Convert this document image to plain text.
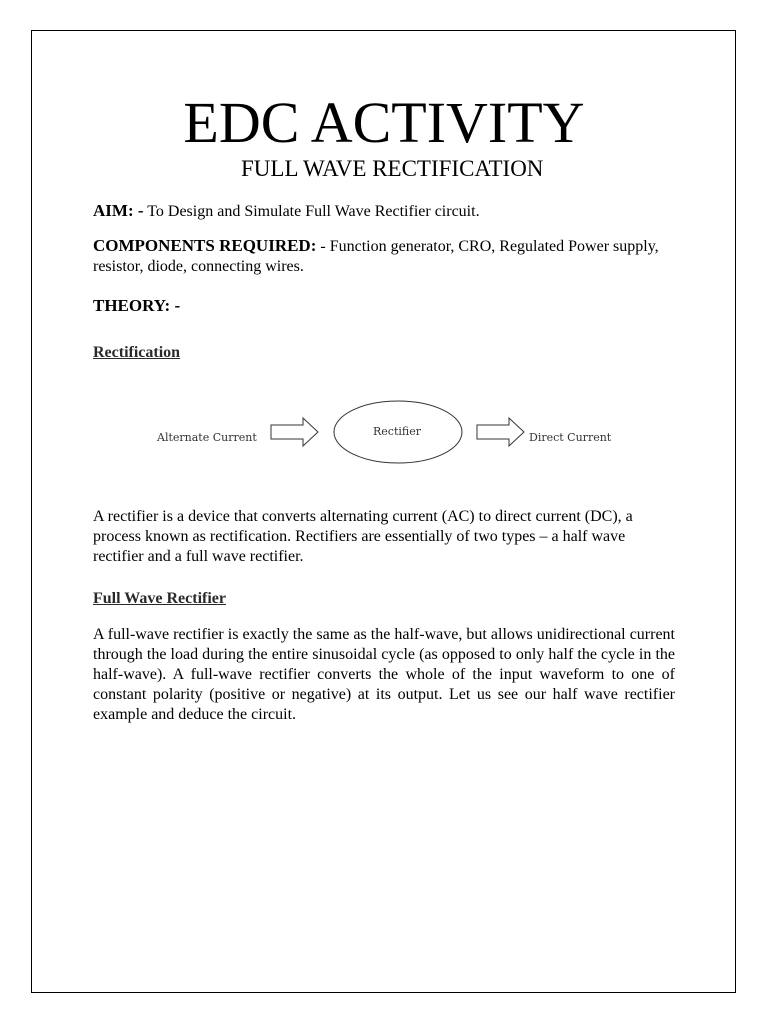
EDC ACTIVITY
FULL WAVE RECTIFICATION
AIM: - To Design and Simulate Full Wave Rectifier circuit.
COMPONENTS REQUIRED: - Function generator, CRO, Regulated Power supply, resistor, diode, connecting wires.
THEORY: -
Rectification
Alternate Current	Rectifier	Direct Current
A rectifier is a device that converts alternating current (AC) to direct current (DC), a process known as rectification. Rectifiers are essentially of two types – a half wave rectifier and a full wave rectifier.
Full Wave Rectifier
A full-wave rectifier is exactly the same as the half-wave, but allows unidirectional current through the load during the entire sinusoidal cycle (as opposed to only half the cycle in the half-wave). A full-wave rectifier converts the whole of the input waveform to one of constant polarity (positive or negative) at its output. Let us see our half wave rectifier example and deduce the circuit.
